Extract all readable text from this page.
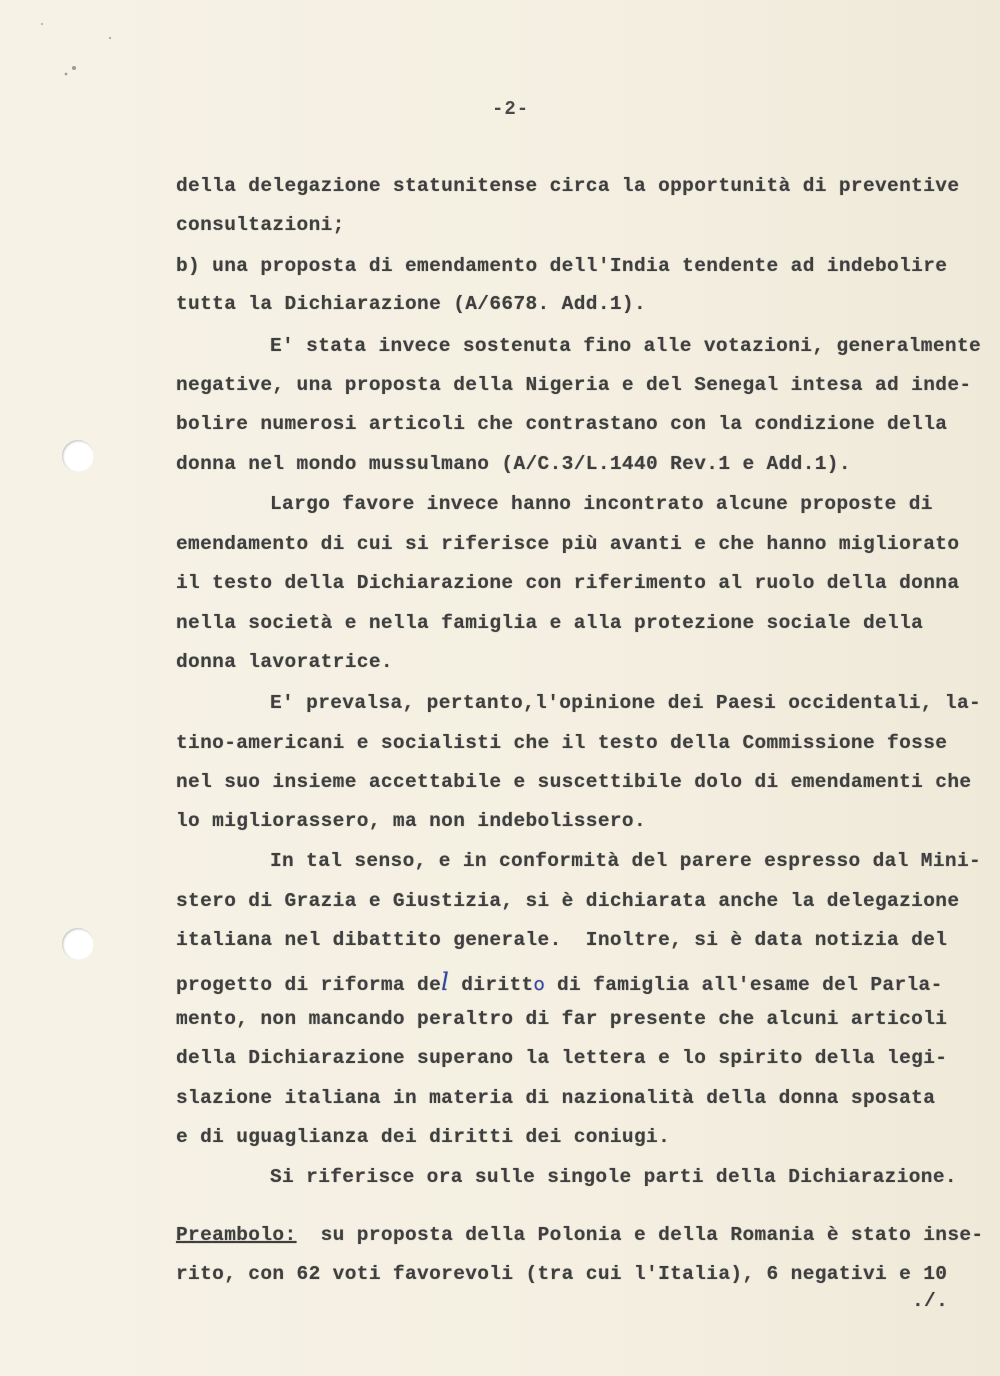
-2-
della delegazione statunitense circa la opportunità di preventive
consultazioni;
b) una proposta di emendamento dell'India tendente ad indebolire
tutta la Dichiarazione (A/6678. Add.1).
E' stata invece sostenuta fino alle votazioni, generalmente
negative, una proposta della Nigeria e del Senegal intesa ad inde-
bolire numerosi articoli che contrastano con la condizione della
donna nel mondo mussulmano (A/C.3/L.1440 Rev.1 e Add.1).
Largo favore invece hanno incontrato alcune proposte di
emendamento di cui si riferisce più avanti e che hanno migliorato
il testo della Dichiarazione con riferimento al ruolo della donna
nella società e nella famiglia e alla protezione sociale della
donna lavoratrice.
E' prevalsa, pertanto,l'opinione dei Paesi occidentali, la-
tino-americani e socialisti che il testo della Commissione fosse
nel suo insieme accettabile e suscettibile dolo di emendamenti che
lo migliorassero, ma non indebolissero.
In tal senso, e in conformità del parere espresso dal Mini-
stero di Grazia e Giustizia, si è dichiarata anche la delegazione
italiana nel dibattito generale.  Inoltre, si è data notizia del
progetto di riforma del diritto di famiglia all'esame del Parla-
mento, non mancando peraltro di far presente che alcuni articoli
della Dichiarazione superano la lettera e lo spirito della legi-
slazione italiana in materia di nazionalità della donna sposata
e di uguaglianza dei diritti dei coniugi.
Si riferisce ora sulle singole parti della Dichiarazione.
Preambolo:  su proposta della Polonia e della Romania è stato inse-
rito, con 62 voti favorevoli (tra cui l'Italia), 6 negativi e 10
./.
